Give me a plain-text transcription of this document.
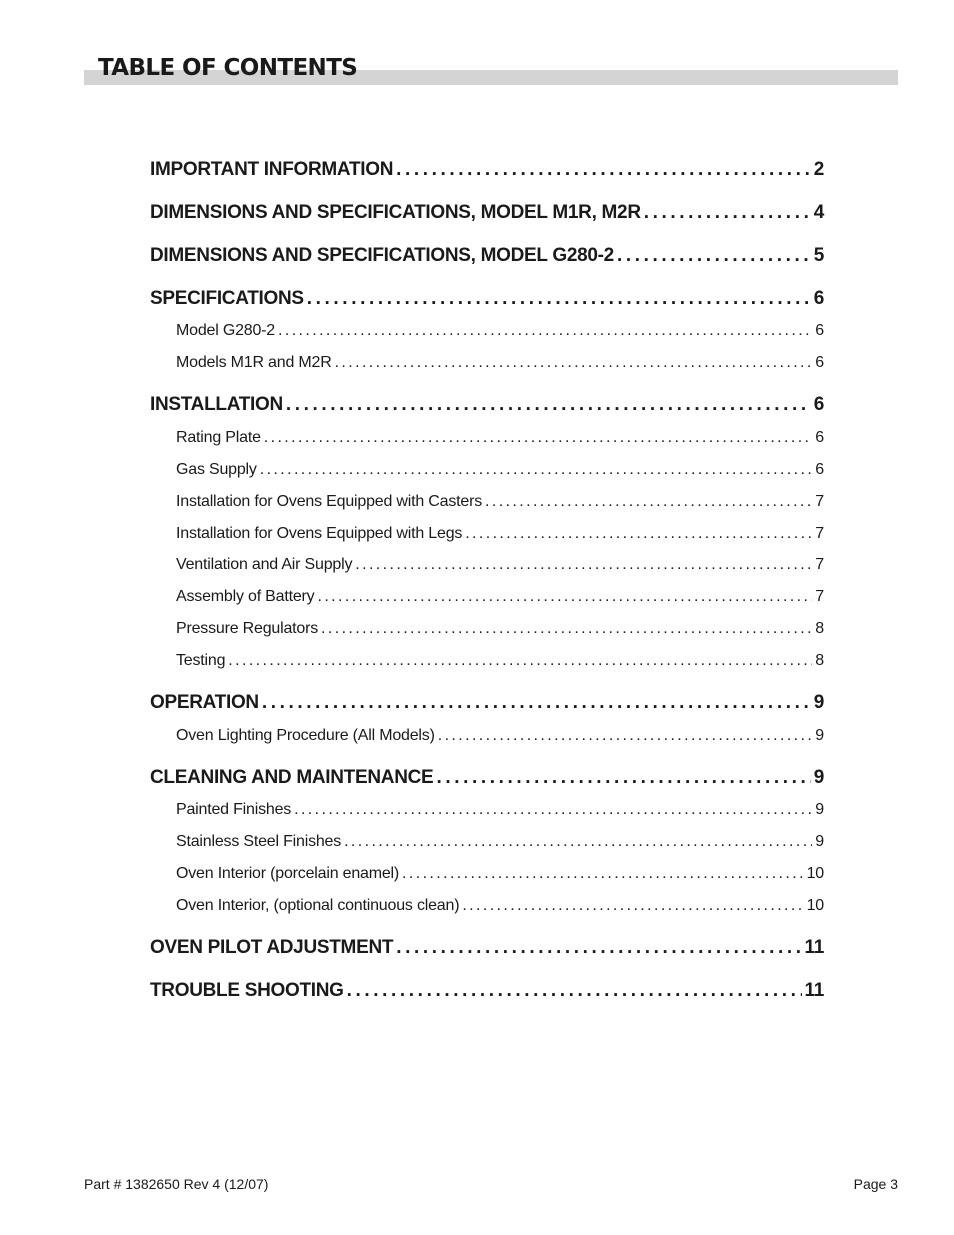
TABLE OF CONTENTS
IMPORTANT INFORMATION .....	2
DIMENSIONS AND SPECIFICATIONS, MODEL M1R, M2R .....	4
DIMENSIONS AND SPECIFICATIONS, MODEL G280-2 .....	5
SPECIFICATIONS .....	6
Model G280-2 .....	6
Models M1R and M2R .....	6
INSTALLATION .....	6
Rating Plate .....	6
Gas Supply .....	6
Installation for Ovens Equipped with Casters .....	7
Installation for Ovens Equipped with Legs .....	7
Ventilation and Air Supply .....	7
Assembly of Battery .....	7
Pressure Regulators .....	8
Testing .....	8
OPERATION .....	9
Oven Lighting Procedure (All Models) .....	9
CLEANING AND MAINTENANCE .....	9
Painted Finishes .....	9
Stainless Steel Finishes .....	9
Oven Interior (porcelain enamel) .....	10
Oven Interior, (optional continuous clean) .....	10
OVEN PILOT ADJUSTMENT .....	11
TROUBLE SHOOTING .....	11
Part # 1382650 Rev 4 (12/07)	Page 3
